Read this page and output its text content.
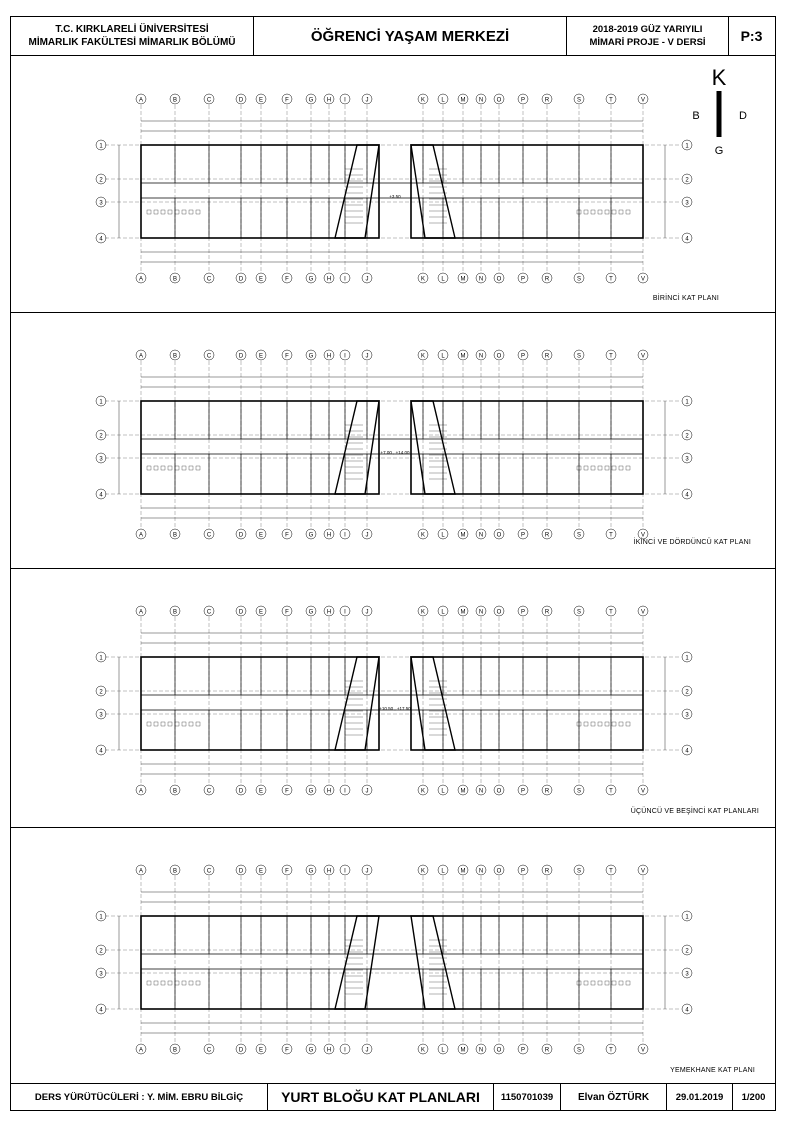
T.C. KIRKLARELİ ÜNİVERSİTESİ
MİMARLIK FAKÜLTESİ MİMARLIK BÖLÜMÜ	ÖĞRENCİ YAŞAM MERKEZİ	2018-2019 GÜZ YARIYILI
MİMARİ PROJE - V DERSİ	P:3
K
B	D
G
A
A
B
B
C
C
D
D
E
E
F
F
G
G
H
H
I
I
J
J
K
K
L
L
M
M
N
N
O
O
P
P
R
R
S
S
T
T
V
V
1	1
2	2
3	3
4	4
+3.50
BİRİNCİ KAT PLANI
A
A
B
B
C
C
D
D
E
E
F
F
G
G
H
H
I
I
J
J
K
K
L
L
M
M
N
N
O
O
P
P
R
R
S
S
T
T
V
V
1	1
2	2
3	3
4	4
+7.00 , +14.00
İKİNCİ VE DÖRDÜNCÜ KAT PLANI
A
A
B
B
C
C
D
D
E
E
F
F
G
G
H
H
I
I
J
J
K
K
L
L
M
M
N
N
O
O
P
P
R
R
S
S
T
T
V
V
1	1
2	2
3	3
4	4
+10.50 , +17.50
ÜÇÜNCÜ VE BEŞİNCİ KAT PLANLARI
A
A
B
B
C
C
D
D
E
E
F
F
G
G
H
H
I
I
J
J
K
K
L
L
M
M
N
N
O
O
P
P
R
R
S
S
T
T
V
V
1	1
2	2
3	3
4	4
YEMEKHANE KAT PLANI
DERS YÜRÜTÜCÜLERİ : Y. MİM. EBRU BİLGİÇ	YURT BLOĞU KAT PLANLARI 1150701039 Elvan ÖZTÜRK	29.01.2019 1/200
